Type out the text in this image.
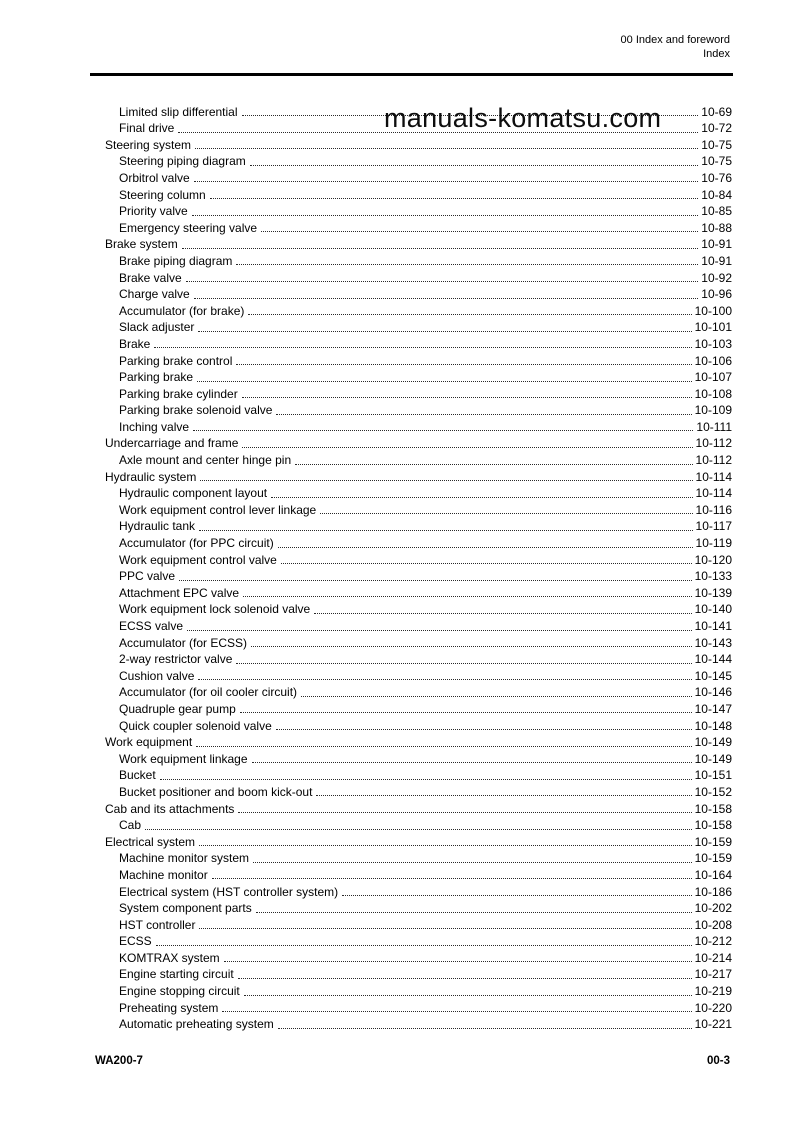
00 Index and foreword
Index
Limited slip differential	10-69
Final drive	10-72
Steering system	10-75
Steering piping diagram	10-75
Orbitrol valve	10-76
Steering column	10-84
Priority valve	10-85
Emergency steering valve	10-88
Brake system	10-91
Brake piping diagram	10-91
Brake valve	10-92
Charge valve	10-96
Accumulator (for brake)	10-100
Slack adjuster	10-101
Brake	10-103
Parking brake control	10-106
Parking brake	10-107
Parking brake cylinder	10-108
Parking brake solenoid valve	10-109
Inching valve	10-111
Undercarriage and frame	10-112
Axle mount and center hinge pin	10-112
Hydraulic system	10-114
Hydraulic component layout	10-114
Work equipment control lever linkage	10-116
Hydraulic tank	10-117
Accumulator (for PPC circuit)	10-119
Work equipment control valve	10-120
PPC valve	10-133
Attachment EPC valve	10-139
Work equipment lock solenoid valve	10-140
ECSS valve	10-141
Accumulator (for ECSS)	10-143
2-way restrictor valve	10-144
Cushion valve	10-145
Accumulator (for oil cooler circuit)	10-146
Quadruple gear pump	10-147
Quick coupler solenoid valve	10-148
Work equipment	10-149
Work equipment linkage	10-149
Bucket	10-151
Bucket positioner and boom kick-out	10-152
Cab and its attachments	10-158
Cab	10-158
Electrical system	10-159
Machine monitor system	10-159
Machine monitor	10-164
Electrical system (HST controller system)	10-186
System component parts	10-202
HST controller	10-208
ECSS	10-212
KOMTRAX system	10-214
Engine starting circuit	10-217
Engine stopping circuit	10-219
Preheating system	10-220
Automatic preheating system	10-221
manuals-komatsu.com
WA200-7	00-3
